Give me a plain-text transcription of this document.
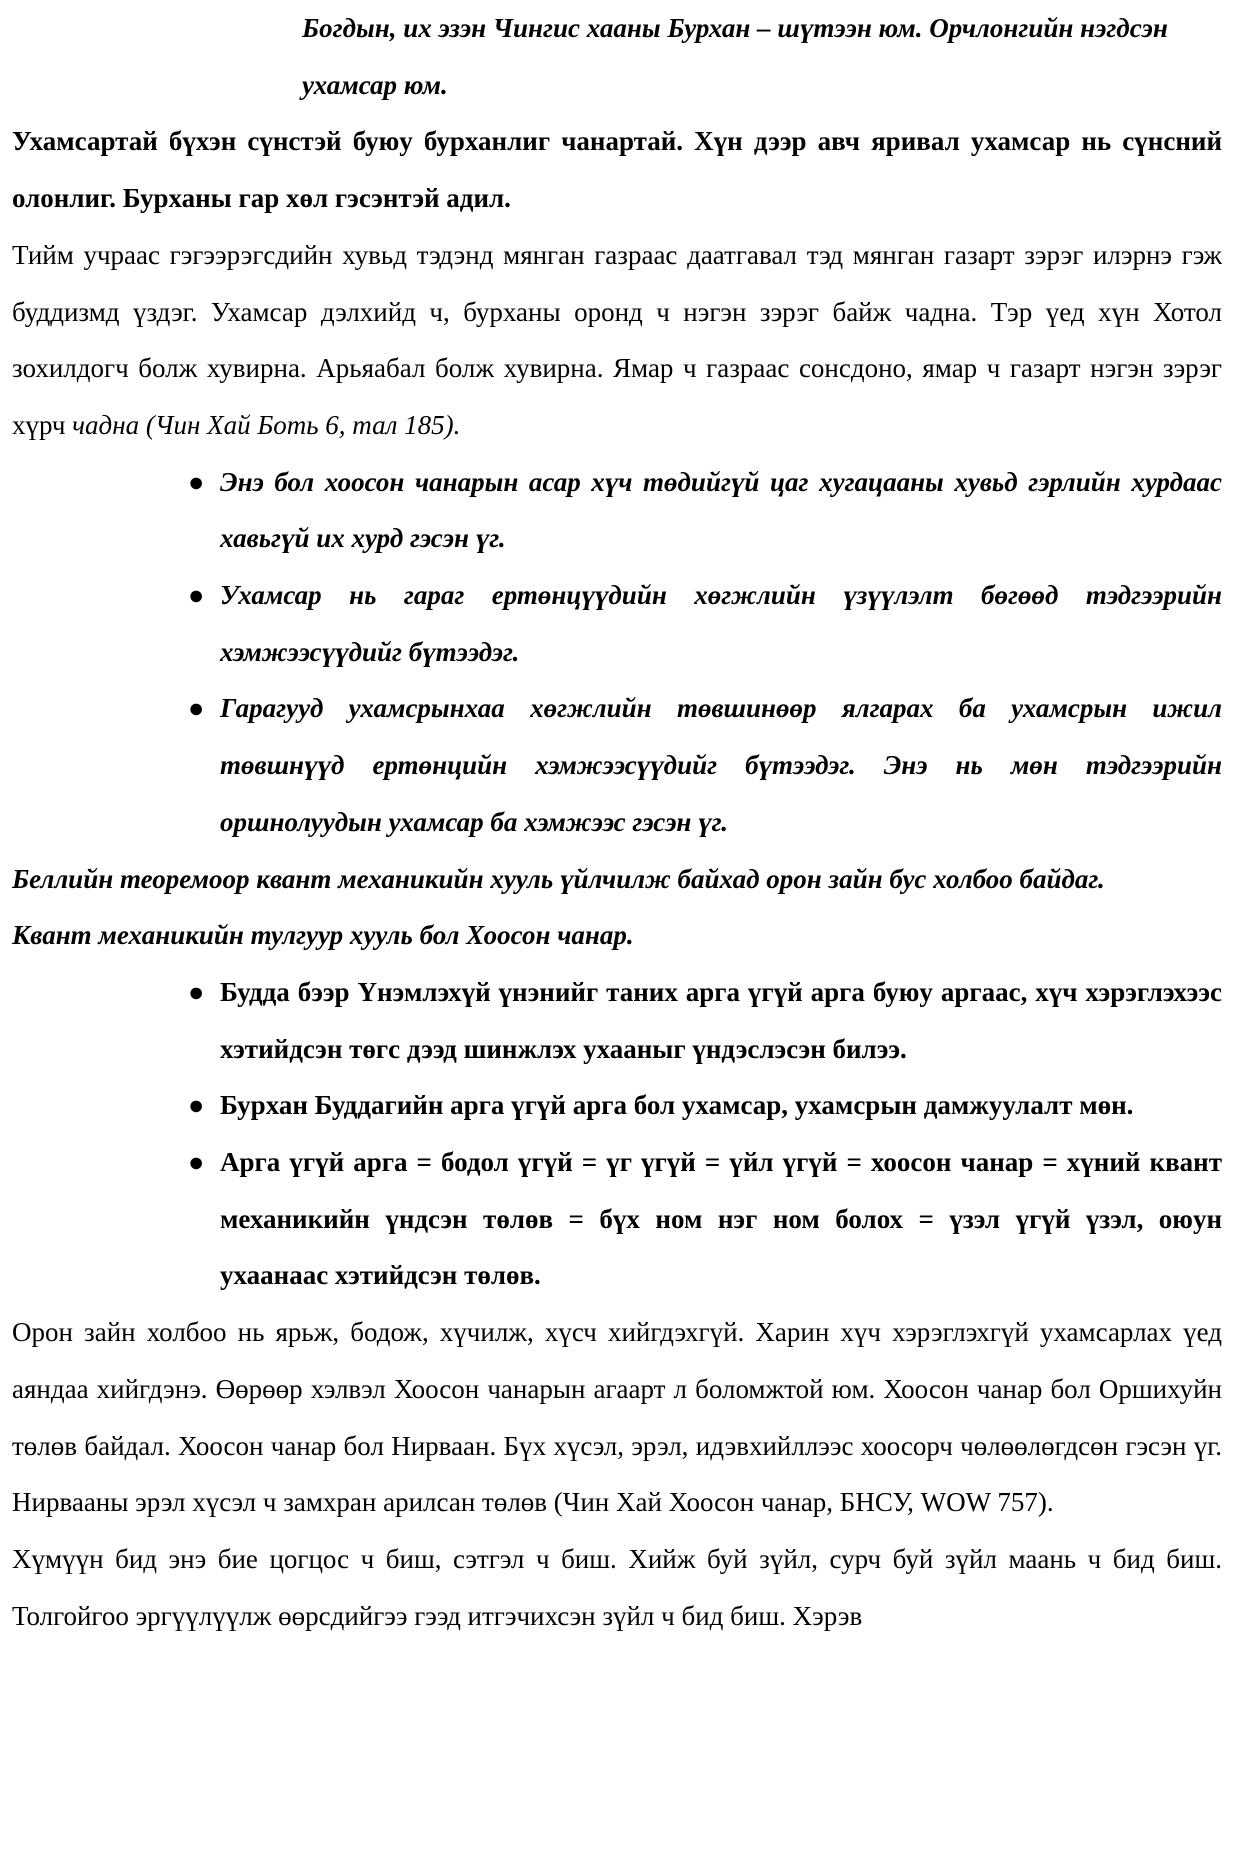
Богдын, их эзэн Чингис хааны Бурхан – шүтээн юм. Орчлонгийн нэгдсэн ухамсар юм.

Ухамсартай бүхэн сүнстэй буюу бурханлиг чанартай. Хүн дээр авч яривал ухамсар нь сүнсний олонлиг. Бурханы гар хөл гэсэнтэй адил.

Тийм учраас гэгээрэгсдийн хувьд тэдэнд мянган газраас даатгавал тэд мянган газарт зэрэг илэрнэ гэж буддизмд үздэг. Ухамсар дэлхийд ч, бурханы оронд ч нэгэн зэрэг байж чадна. Тэр үед хүн Хотол зохилдогч болж хувирна. Арьяабал болж хувирна. Ямар ч газраас сонсдоно, ямар ч газарт нэгэн зэрэг хүрч чадна (Чин Хай Боть 6, тал 185).

● Энэ бол хоосон чанарын асар хүч төдийгүй цаг хугацааны хувьд гэрлийн хурдаас хавьгүй их хурд гэсэн үг.
● Ухамсар нь гараг ертөнцүүдийн хөгжлийн үзүүлэлт бөгөөд тэдгээрийн хэмжээсүүдийг бүтээдэг.
● Гарагууд ухамсрынхаа хөгжлийн төвшинөөр ялгарах ба ухамсрын ижил төвшнүүд ертөнцийн хэмжээсүүдийг бүтээдэг. Энэ нь мөн тэдгээрийн оршнолуудын ухамсар ба хэмжээс гэсэн үг.

Беллийн теоремоор квант механикийн хууль үйлчилж байхад орон зайн бус холбоо байдаг.

Квант механикийн тулгуур хууль бол Хоосон чанар.

● Будда бээр Үнэмлэхүй үнэнийг таних арга үгүй арга буюу аргаас, хүч хэрэглэхээс хэтийдсэн төгс дээд шинжлэх ухааныг үндэслэсэн билээ.
● Бурхан Буддагийн арга үгүй арга бол ухамсар, ухамсрын дамжуулалт мөн.
● Арга үгүй арга = бодол үгүй = үг үгүй = үйл үгүй = хоосон чанар = хүний квант механикийн үндсэн төлөв = бүх ном нэг ном болох = үзэл үгүй үзэл, оюун ухаанаас хэтийдсэн төлөв.

Орон зайн холбоо нь ярьж, бодож, хүчилж, хүсч хийгдэхгүй. Харин хүч хэрэглэхгүй ухамсарлах үед аяндаа хийгдэнэ. Өөрөөр хэлвэл Хоосон чанарын агаарт л боломжтой юм. Хоосон чанар бол Оршихуйн төлөв байдал. Хоосон чанар бол Нирваан. Бүх хүсэл, эрэл, идэвхийллээс хоосорч чөлөөлөгдсөн гэсэн үг. Нирвааны эрэл хүсэл ч замхран арилсан төлөв (Чин Хай Хоосон чанар, БНСУ, WOW 757).

Хүмүүн бид энэ бие цогцос ч биш, сэтгэл ч биш. Хийж буй зүйл, сурч буй зүйл маань ч бид биш. Толгойгоо эргүүлүүлж өөрсдийгээ гээд итгэчихсэн зүйл ч бид биш. Хэрэв
